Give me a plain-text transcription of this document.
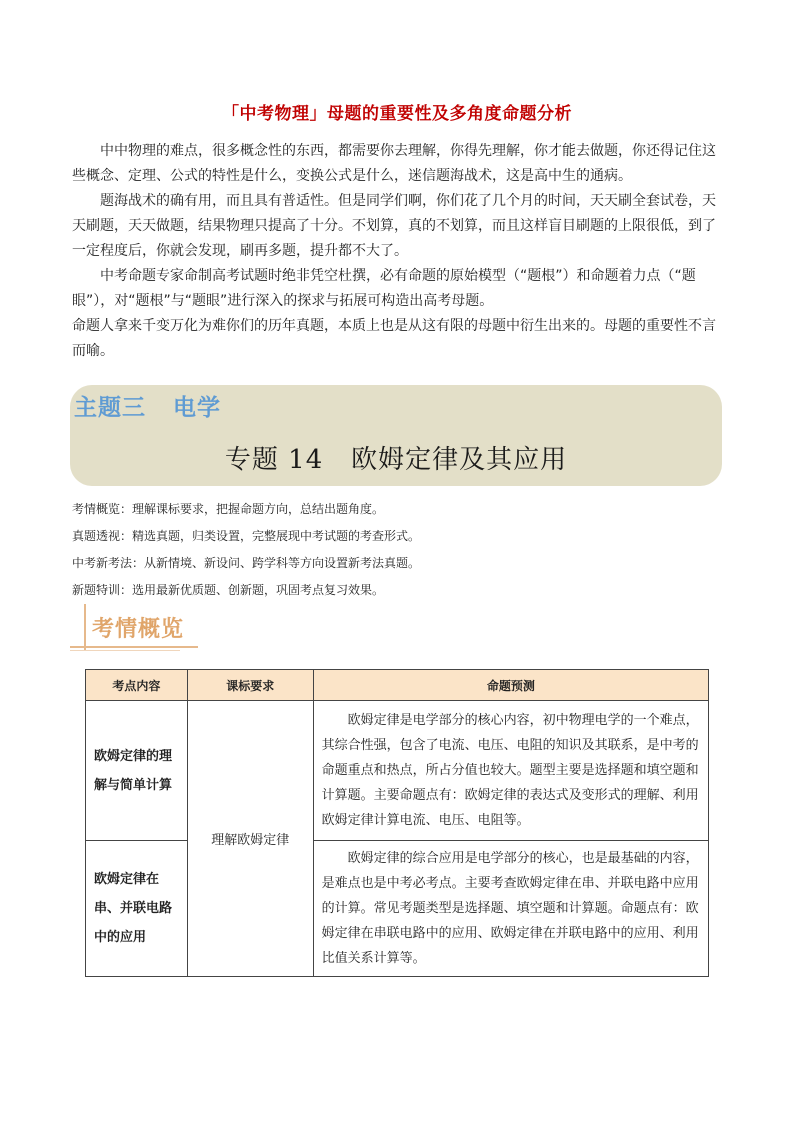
「中考物理」母题的重要性及多角度命题分析

中中物理的难点，很多概念性的东西，都需要你去理解，你得先理解，你才能去做题，你还得记住这些概念、定理、公式的特性是什么，变换公式是什么，迷信题海战术，这是高中生的通病。

题海战术的确有用，而且具有普适性。但是同学们啊，你们花了几个月的时间，天天刷全套试卷，天天刷题，天天做题，结果物理只提高了十分。不划算，真的不划算，而且这样盲目刷题的上限很低，到了一定程度后，你就会发现，刷再多题，提升都不大了。

中考命题专家命制高考试题时绝非凭空杜撰，必有命题的原始模型（“题根”）和命题着力点（“题眼”），对“题根”与“题眼”进行深入的探求与拓展可构造出高考母题。

命题人拿来千变万化为难你们的历年真题，本质上也是从这有限的母题中衍生出来的。母题的重要性不言而喻。

主题三   电学
专题 14   欧姆定律及其应用
考情概览：理解课标要求，把握命题方向，总结出题角度。
真题透视：精选真题，归类设置，完整展现中考试题的考查形式。
中考新考法：从新情境、新设问、跨学科等方向设置新考法真题。
新题特训：选用最新优质题、创新题，巩固考点复习效果。
考情概览
考点内容	课标要求	命题预测
欧姆定律的理解与简单计算	理解欧姆定律	欧姆定律是电学部分的核心内容，初中物理电学的一个难点，其综合性强，包含了电流、电压、电阻的知识及其联系，是中考的命题重点和热点，所占分值也较大。题型主要是选择题和填空题和计算题。主要命题点有：欧姆定律的表达式及变形式的理解、利用欧姆定律计算电流、电压、电阻等。

欧姆定律在串、并联电路中的应用		欧姆定律的综合应用是电学部分的核心，也是最基础的内容，是难点也是中考必考点。主要考查欧姆定律在串、并联电路中应用的计算。常见考题类型是选择题、填空题和计算题。命题点有：欧姆定律在串联电路中的应用、欧姆定律在并联电路中的应用、利用比值关系计算等。
